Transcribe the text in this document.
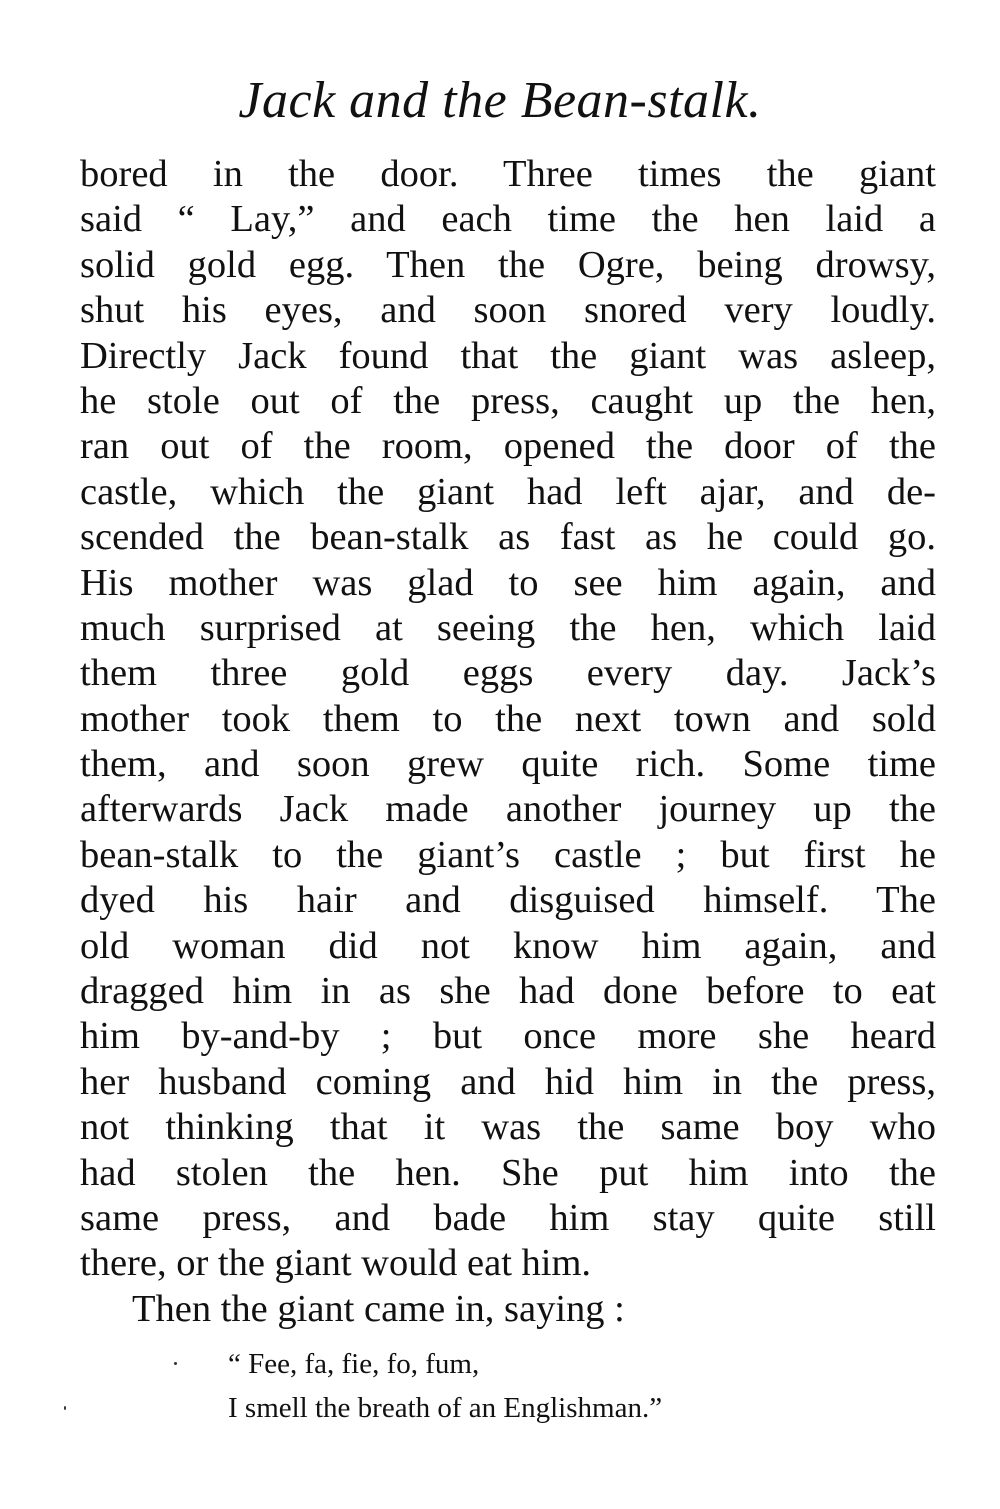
Jack and the Bean-stalk.
bored in the door. Three times the giant
said “ Lay,” and each time the hen laid a
solid gold egg. Then the Ogre, being drowsy,
shut his eyes, and soon snored very loudly.
Directly Jack found that the giant was asleep,
he stole out of the press, caught up the hen,
ran out of the room, opened the door of the
castle, which the giant had left ajar, and de-
scended the bean-stalk as fast as he could go.
His mother was glad to see him again, and
much surprised at seeing the hen, which laid
them three gold eggs every day. Jack’s
mother took them to the next town and sold
them, and soon grew quite rich. Some time
afterwards Jack made another journey up the
bean-stalk to the giant’s castle ; but first he
dyed his hair and disguised himself. The
old woman did not know him again, and
dragged him in as she had done before to eat
him by-and-by ; but once more she heard
her husband coming and hid him in the press,
not thinking that it was the same boy who
had stolen the hen. She put him into the
same press, and bade him stay quite still
there, or the giant would eat him.
Then the giant came in, saying :
“ Fee, fa, fie, fo, fum,
I smell the breath of an Englishman.”
